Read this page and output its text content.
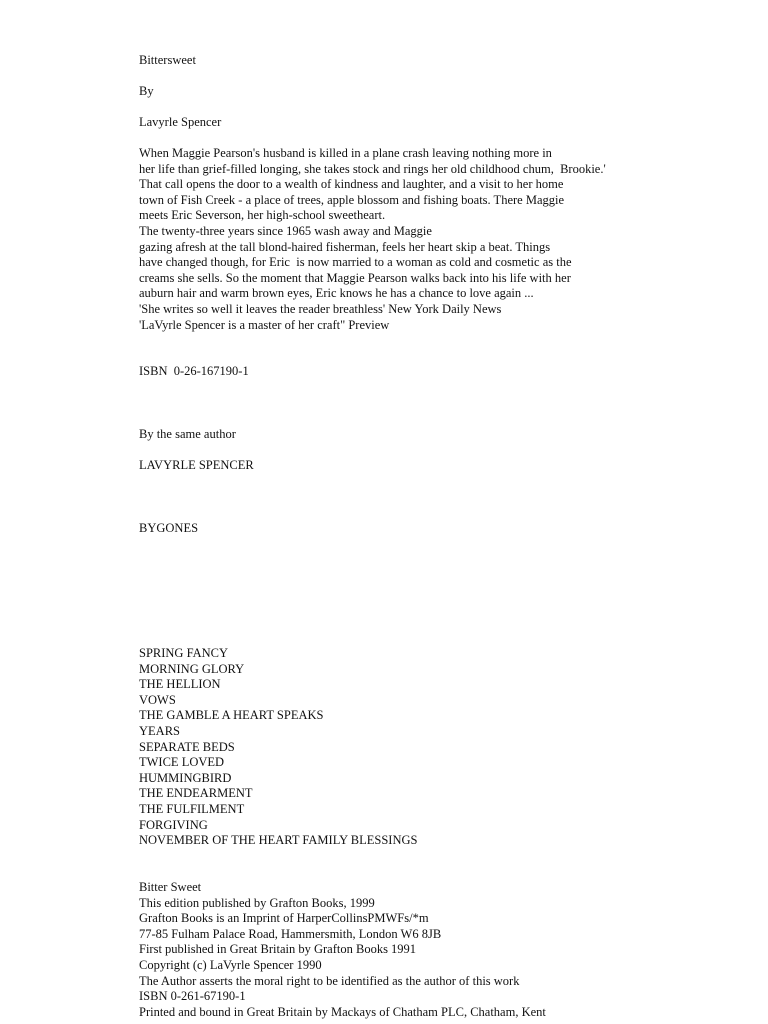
Bittersweet
By
Lavyrle Spencer
When Maggie Pearson's husband is killed in a plane crash leaving nothing more in
her life than grief-filled longing, she takes stock and rings her old childhood chum,  Brookie.'
That call opens the door to a wealth of kindness and laughter, and a visit to her home
town of Fish Creek - a place of trees, apple blossom and fishing boats. There Maggie
meets Eric Severson, her high-school sweetheart.
The twenty-three years since 1965 wash away and Maggie
gazing afresh at the tall blond-haired fisherman, feels her heart skip a beat. Things
have changed though, for Eric  is now married to a woman as cold and cosmetic as the
creams she sells. So the moment that Maggie Pearson walks back into his life with her
auburn hair and warm brown eyes, Eric knows he has a chance to love again ...
'She writes so well it leaves the reader breathless' New York Daily News
'LaVyrle Spencer is a master of her craft" Preview
ISBN  0-26-167190-1
By the same author
LAVYRLE SPENCER
BYGONES
SPRING FANCY
MORNING GLORY
THE HELLION
VOWS
THE GAMBLE A HEART SPEAKS
YEARS
SEPARATE BEDS
TWICE LOVED
HUMMINGBIRD
THE ENDEARMENT
THE FULFILMENT
FORGIVING
NOVEMBER OF THE HEART FAMILY BLESSINGS
Bitter Sweet
This edition published by Grafton Books, 1999
Grafton Books is an Imprint of HarperCollinsPMWFs/*m
77-85 Fulham Palace Road, Hammersmith, London W6 8JB
First published in Great Britain by Grafton Books 1991
Copyright (c) LaVyrle Spencer 1990
The Author asserts the moral right to be identified as the author of this work
ISBN 0-261-67190-1
Printed and bound in Great Britain by Mackays of Chatham PLC, Chatham, Kent
